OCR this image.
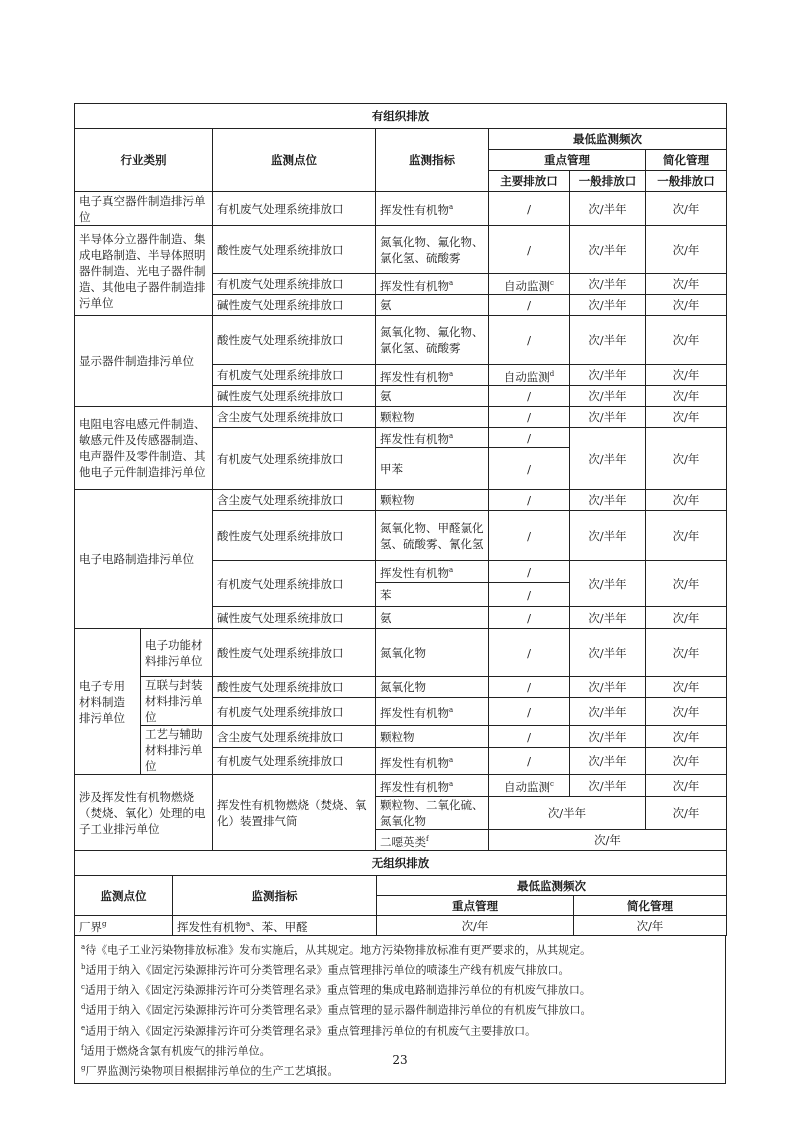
有组织排放						
行业类别		监测点位	监测指标	最低监测频次		
				重点管理		简化管理
				主要排放口	一般排放口	一般排放口
电子真空器件制造排污单位		有机废气处理系统排放口	挥发性有机物$^a$	/	次/半年	次/年
半导体分立器件制造、集成电路制造、半导体照明器件制造、光电子器件制造、其他电子器件制造排污单位		酸性废气处理系统排放口	氮氧化物、氟化物、氯化氢、硫酸雾	/	次/半年	次/年
		有机废气处理系统排放口	挥发性有机物$^a$	自动监测$^c$	次/半年	次/年
		碱性废气处理系统排放口	氨	/	次/半年	次/年
显示器件制造排污单位		酸性废气处理系统排放口	氮氧化物、氟化物、氯化氢、硫酸雾	/	次/半年	次/年
		有机废气处理系统排放口	挥发性有机物$^a$	自动监测$^d$	次/半年	次/年
		碱性废气处理系统排放口	氨	/	次/半年	次/年
电阻电容电感元件制造、敏感元件及传感器制造、电声器件及零件制造、其他电子元件制造排污单位		含尘废气处理系统排放口	颗粒物	/	次/半年	次/年
		有机废气处理系统排放口	挥发性有机物$^a$	/	次/半年	次/年
			甲苯	/		
电子电路制造排污单位		含尘废气处理系统排放口	颗粒物	/	次/半年	次/年
		酸性废气处理系统排放口	氮氧化物、甲醛氯化氢、硫酸雾、氰化氢	/	次/半年	次/年
		有机废气处理系统排放口	挥发性有机物$^a$	/	次/半年	次/年
			苯	/		
		碱性废气处理系统排放口	氨	/	次/半年	次/年
电子专用材料制造排污单位	电子功能材料排污单位	酸性废气处理系统排放口	氮氧化物	/	次/半年	次/年
	互联与封装材料排污单位	酸性废气处理系统排放口	氮氧化物	/	次/半年	次/年
		有机废气处理系统排放口	挥发性有机物$^a$	/	次/半年	次/年
	工艺与辅助材料排污单位	含尘废气处理系统排放口	颗粒物	/	次/半年	次/年
		有机废气处理系统排放口	挥发性有机物$^a$	/	次/半年	次/年
涉及挥发性有机物燃烧（焚烧、氧化）处理的电子工业排污单位		挥发性有机物燃烧（焚烧、氧化）装置排气筒	挥发性有机物$^a$	自动监测$^c$	次/半年	次/年
			颗粒物、二氧化硫、氮氧化物	次/半年		次/年
			二噁英类$^f$	次/年		
无组织排放			
监测点位	监测指标	最低监测频次	
		重点管理	简化管理
厂界$^g$	挥发性有机物$^a$、苯、甲醛	次/年	次/年
$^a$待《电子工业污染物排放标准》发布实施后，从其规定。地方污染物排放标准有更严要求的，从其规定。
$^b$适用于纳入《固定污染源排污许可分类管理名录》重点管理排污单位的喷漆生产线有机废气排放口。
$^c$适用于纳入《固定污染源排污许可分类管理名录》重点管理的集成电路制造排污单位的有机废气排放口。
$^d$适用于纳入《固定污染源排污许可分类管理名录》重点管理的显示器件制造排污单位的有机废气排放口。
$^e$适用于纳入《固定污染源排污许可分类管理名录》重点管理排污单位的有机废气主要排放口。
$^f$适用于燃烧含氯有机废气的排污单位。
$^g$厂界监测污染物项目根据排污单位的生产工艺填报。
23
